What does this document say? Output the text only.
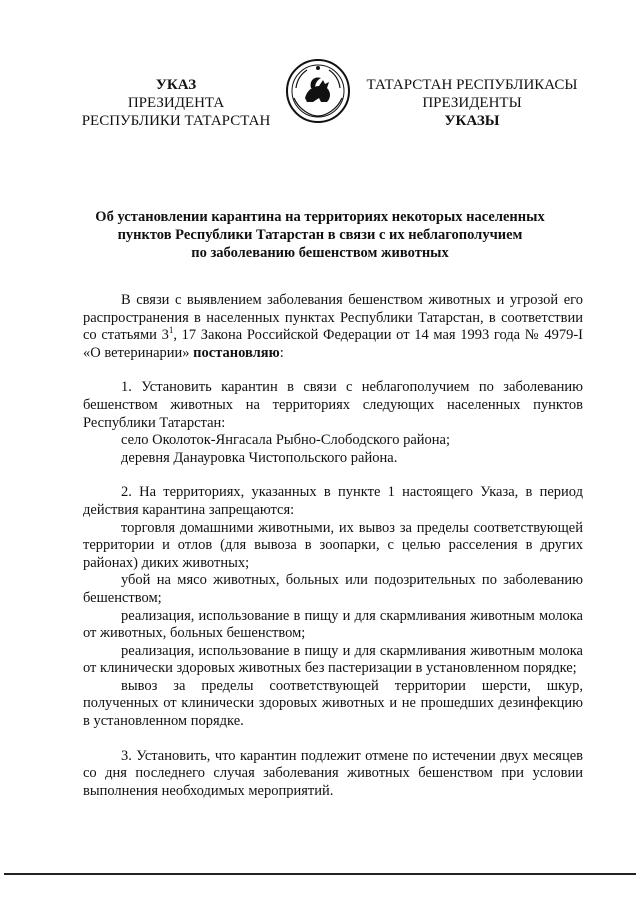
УКАЗ
ПРЕЗИДЕНТА
РЕСПУБЛИКИ ТАТАРСТАН
ТАТАРСТАН РЕСПУБЛИКАСЫ
ПРЕЗИДЕНТЫ
УКАЗЫ
Об установлении карантина на территориях некоторых населенных
пунктов Республики Татарстан в связи с их неблагополучием
по заболеванию бешенством животных

В связи с выявлением заболевания бешенством животных и угрозой его распространения в населенных пунктах Республики Татарстан, в соответствии со статьями $3^1$, 17 Закона Российской Федерации от 14 мая 1993 года № 4979-I «О ветеринарии» постановляю:

1. Установить карантин в связи с неблагополучием по заболеванию бешенством животных на территориях следующих населенных пунктов Республики Татарстан:

село Околоток-Янгасала Рыбно-Слободского района;

деревня Данауровка Чистопольского района.

2. На территориях, указанных в пункте 1 настоящего Указа, в период действия карантина запрещаются:

торговля домашними животными, их вывоз за пределы соответствующей территории и отлов (для вывоза в зоопарки, с целью расселения в других районах) диких животных;

убой на мясо животных, больных или подозрительных по заболеванию бешенством;

реализация, использование в пищу и для скармливания животным молока от животных, больных бешенством;

реализация, использование в пищу и для скармливания животным молока от клинически здоровых животных без пастеризации в установленном порядке;

вывоз за пределы соответствующей территории шерсти, шкур, полученных от клинически здоровых животных и не прошедших дезинфекцию в установленном порядке.

3. Установить, что карантин подлежит отмене по истечении двух месяцев со дня последнего случая заболевания животных бешенством при условии выполнения необходимых мероприятий.
